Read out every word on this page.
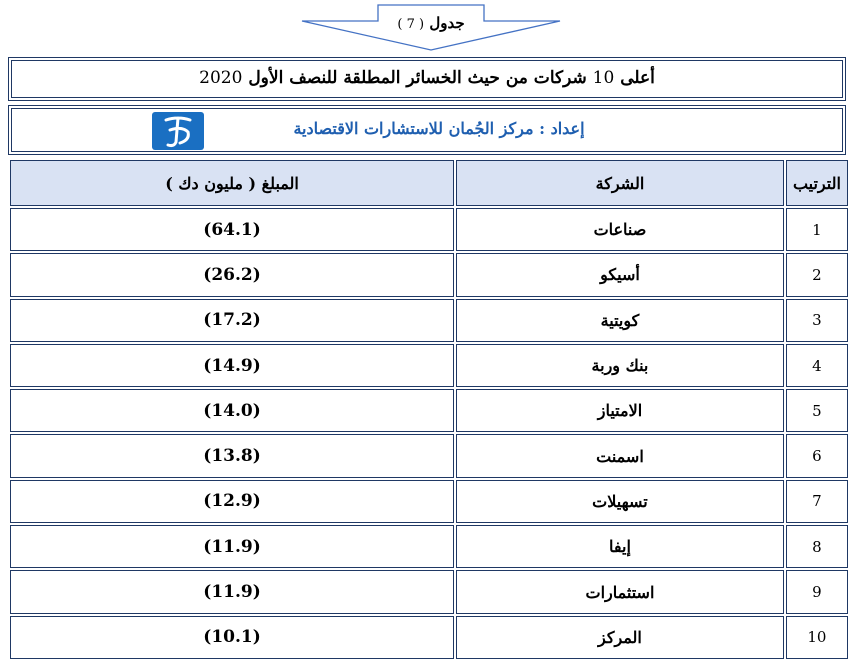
جدول ( 7 )
أعلى 10 شركات من حيث الخسائر المطلقة للنصف الأول 2020
إعداد : مركز الجُمان للاستشارات الاقتصادية
المبلغ ( مليون دك )	الشركة	الترتيب
(64.1)	صناعات	1
(26.2)	أسيكو	2
(17.2)	كويتية	3
(14.9)	بنك وربة	4
(14.0)	الامتياز	5
(13.8)	اسمنت	6
(12.9)	تسهيلات	7
(11.9)	إيفا	8
(11.9)	استثمارات	9
(10.1)	المركز	10
